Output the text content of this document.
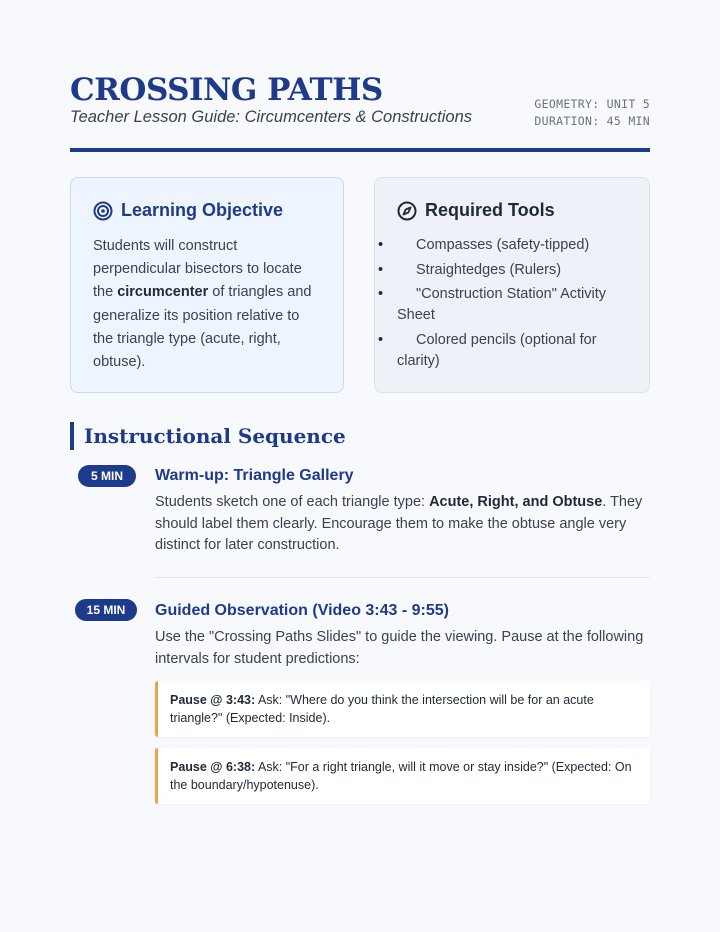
CROSSING PATHS
Teacher Lesson Guide: Circumcenters & Constructions
GEOMETRY: UNIT 5
DURATION: 45 MIN
Learning Objective
Students will construct perpendicular bisectors to locate the circumcenter of triangles and generalize its position relative to the triangle type (acute, right, obtuse).
Required Tools
• Compasses (safety-tipped)
• Straightedges (Rulers)
• "Construction Station" Activity Sheet
• Colored pencils (optional for clarity)
Instructional Sequence
5 MIN	Warm-up: Triangle Gallery
Students sketch one of each triangle type: Acute, Right, and Obtuse. They should label them clearly. Encourage them to make the obtuse angle very distinct for later construction.
15 MIN	Guided Observation (Video 3:43 - 9:55)
Use the "Crossing Paths Slides" to guide the viewing. Pause at the following intervals for student predictions:
Pause @ 3:43: Ask: "Where do you think the intersection will be for an acute triangle?" (Expected: Inside).
Pause @ 6:38: Ask: "For a right triangle, will it move or stay inside?" (Expected: On the boundary/hypotenuse).
